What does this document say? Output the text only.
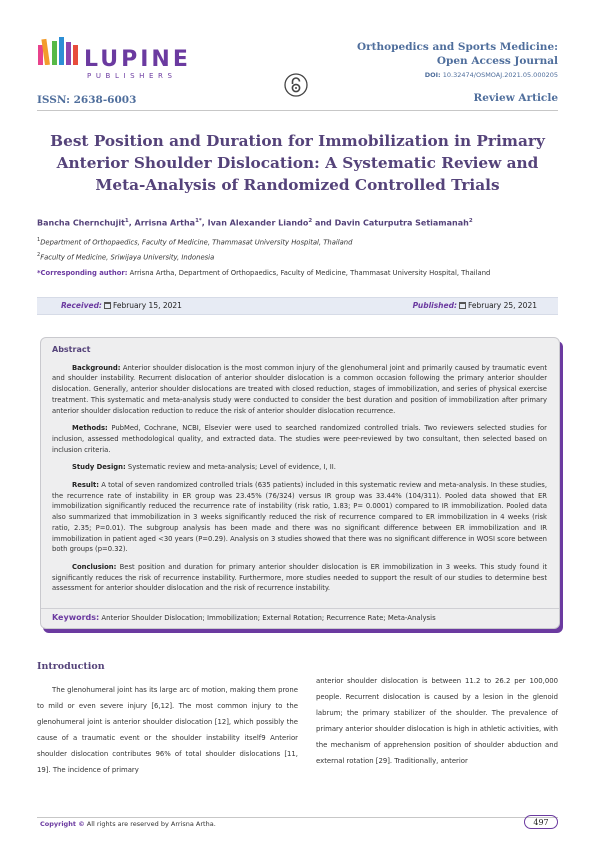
LUPINE
PUBLISHERS
Orthopedics and Sports Medicine:
Open Access Journal
DOI: 10.32474/OSMOAJ.2021.05.000205
ISSN: 2638-6003	Review Article
Best Position and Duration for Immobilization in Primary Anterior Shoulder Dislocation: A Systematic Review and Meta-Analysis of Randomized Controlled Trials
Bancha Chernchujit$^1$, Arrisna Artha$^{1*}$, Ivan Alexander Liando$^2$ and Davin Caturputra Setiamanah$^2$
$^1$Department of Orthopaedics, Faculty of Medicine, Thammasat University Hospital, Thailand
$^2$Faculty of Medicine, Sriwijaya University, Indonesia
*Corresponding author: Arrisna Artha, Department of Orthopaedics, Faculty of Medicine, Thammasat University Hospital, Thailand
Received: February 15, 2021	Published: February 25, 2021
Abstract

Background: Anterior shoulder dislocation is the most common injury of the glenohumeral joint and primarily caused by traumatic event and shoulder instability. Recurrent dislocation of anterior shoulder dislocation is a common occasion following the primary anterior shoulder dislocation. Generally, anterior shoulder dislocations are treated with closed reduction, stages of immobilization, and series of physical exercise treatment. This systematic and meta-analysis study were conducted to consider the best duration and position of immobilization after primary anterior shoulder dislocation reduction to reduce the risk of anterior shoulder dislocation recurrence.

Methods: PubMed, Cochrane, NCBI, Elsevier were used to searched randomized controlled trials. Two reviewers selected studies for inclusion, assessed methodological quality, and extracted data. The studies were peer-reviewed by two consultant, then selected based on inclusion criteria.

Study Design: Systematic review and meta-analysis; Level of evidence, I, II.

Result: A total of seven randomized controlled trials (635 patients) included in this systematic review and meta-analysis. In these studies, the recurrence rate of instability in ER group was 23.45% (76/324) versus IR group was 33.44% (104/311). Pooled data showed that ER immobilization significantly reduced the recurrence rate of instability (risk ratio, 1.83; P= 0.0001) compared to IR immobilization. Pooled data also summarized that immobilization in 3 weeks significantly reduced the risk of recurrence compared to ER immobilization in 4 weeks (risk ratio, 2.35; P=0.01). The subgroup analysis has been made and there was no significant difference between ER immobilization and IR immobilization in patient aged <30 years (P=0.29). Analysis on 3 studies showed that there was no significant difference in WOSI score between both groups (p=0.32).

Conclusion: Best position and duration for primary anterior shoulder dislocation is ER immobilization in 3 weeks. This study found it significantly reduces the risk of recurrence instability. Furthermore, more studies needed to support the result of our studies to determine best assessment for anterior shoulder dislocation and the risk of recurrence instability.

Keywords: Anterior Shoulder Dislocation; Immobilization; External Rotation; Recurrence Rate; Meta-Analysis
Introduction

The glenohumeral joint has its large arc of motion, making them prone to mild or even severe injury [6,12]. The most common injury to the glenohumeral joint is anterior shoulder dislocation [12], which possibly the cause of a traumatic event or the shoulder instability itself9 Anterior shoulder dislocation contributes 96% of total shoulder dislocations [11, 19]. The incidence of primary

anterior shoulder dislocation is between 11.2 to 26.2 per 100,000 people. Recurrent dislocation is caused by a lesion in the glenoid labrum; the primary stabilizer of the shoulder. The prevalence of primary anterior shoulder dislocation is high in athletic activities, with the mechanism of apprehension position of shoulder abduction and external rotation [29]. Traditionally, anterior

Copyright © All rights are reserved by Arrisna Artha.	497
